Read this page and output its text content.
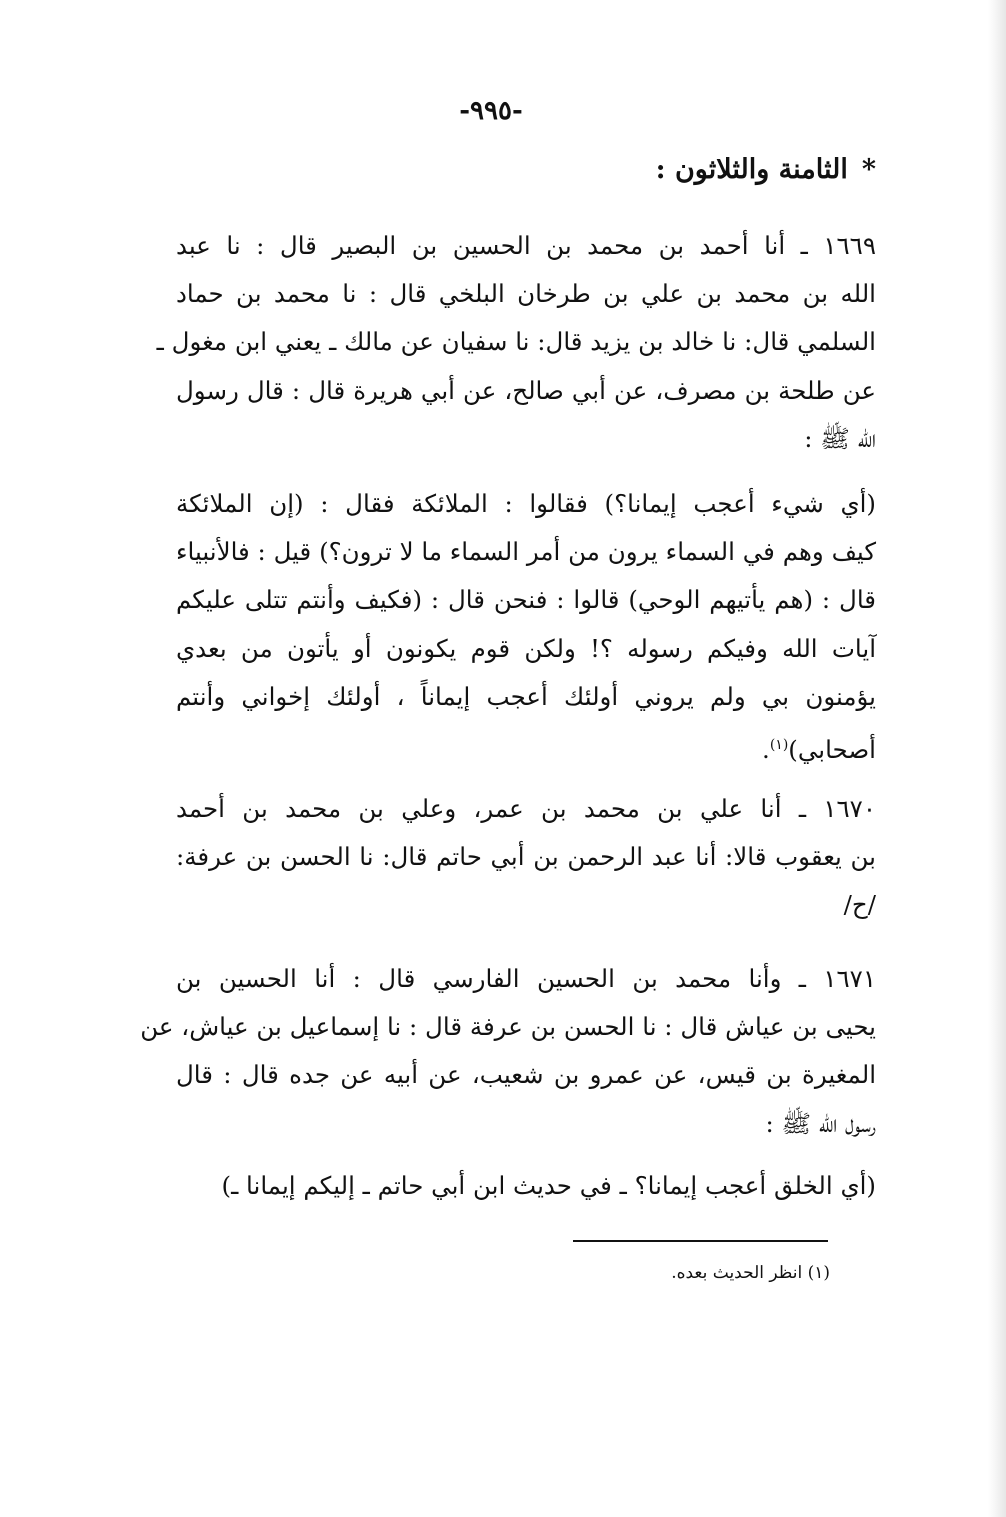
-٩٩٥-
*الثامنة والثلاثون :
١٦٦٩ ـ أنا أحمد بن محمد بن الحسين بن البصير قال : نا عبد
الله بن محمد بن علي بن طرخان البلخي قال : نا محمد بن حماد
السلمي قال: نا خالد بن يزيد قال: نا سفيان عن مالك ـ يعني ابن مغول ـ
عن طلحة بن مصرف، عن أبي صالح، عن أبي هريرة قال : قال رسول
الله ﷺ :
(أي شيء أعجب إيمانا؟) فقالوا : الملائكة فقال : (إن الملائكة
كيف وهم في السماء يرون من أمر السماء ما لا ترون؟) قيل : فالأنبياء
قال : (هم يأتيهم الوحي) قالوا : فنحن قال : (فكيف وأنتم تتلى عليكم
آيات الله وفيكم رسوله ؟! ولكن قوم يكونون أو يأتون من بعدي
يؤمنون بي ولم يروني أولئك أعجب إيماناً ، أولئك إخواني وأنتم
أصحابي)$^{(١)}$.
١٦٧٠ ـ أنا علي بن محمد بن عمر، وعلي بن محمد بن أحمد
بن يعقوب قالا: أنا عبد الرحمن بن أبي حاتم قال: نا الحسن بن عرفة:
/ح/
١٦٧١ ـ وأنا محمد بن الحسين الفارسي قال : أنا الحسين بن
يحيى بن عياش قال : نا الحسن بن عرفة قال : نا إسماعيل بن عياش، عن
المغيرة بن قيس، عن عمرو بن شعيب، عن أبيه عن جده قال : قال
رسول الله ﷺ :
(أي الخلق أعجب إيمانا؟ ـ في حديث ابن أبي حاتم ـ إليكم إيمانا ـ)
(١) انظر الحديث بعده.
